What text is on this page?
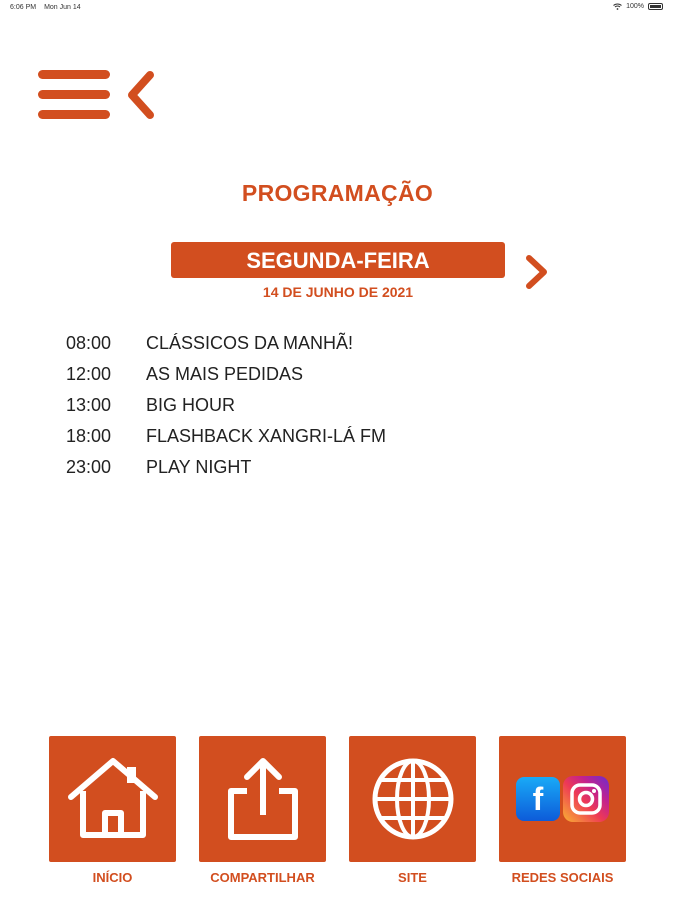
6:06 PM Mon Jun 14	100%
PROGRAMAÇÃO
SEGUNDA-FEIRA
14 DE JUNHO DE 2021
08:00	CLÁSSICOS DA MANHÃ!
12:00	AS MAIS PEDIDAS
13:00	BIG HOUR
18:00	FLASHBACK XANGRI-LÁ FM
23:00	PLAY NIGHT
INÍCIO	COMPARTILHAR	SITE
f
REDES SOCIAIS
